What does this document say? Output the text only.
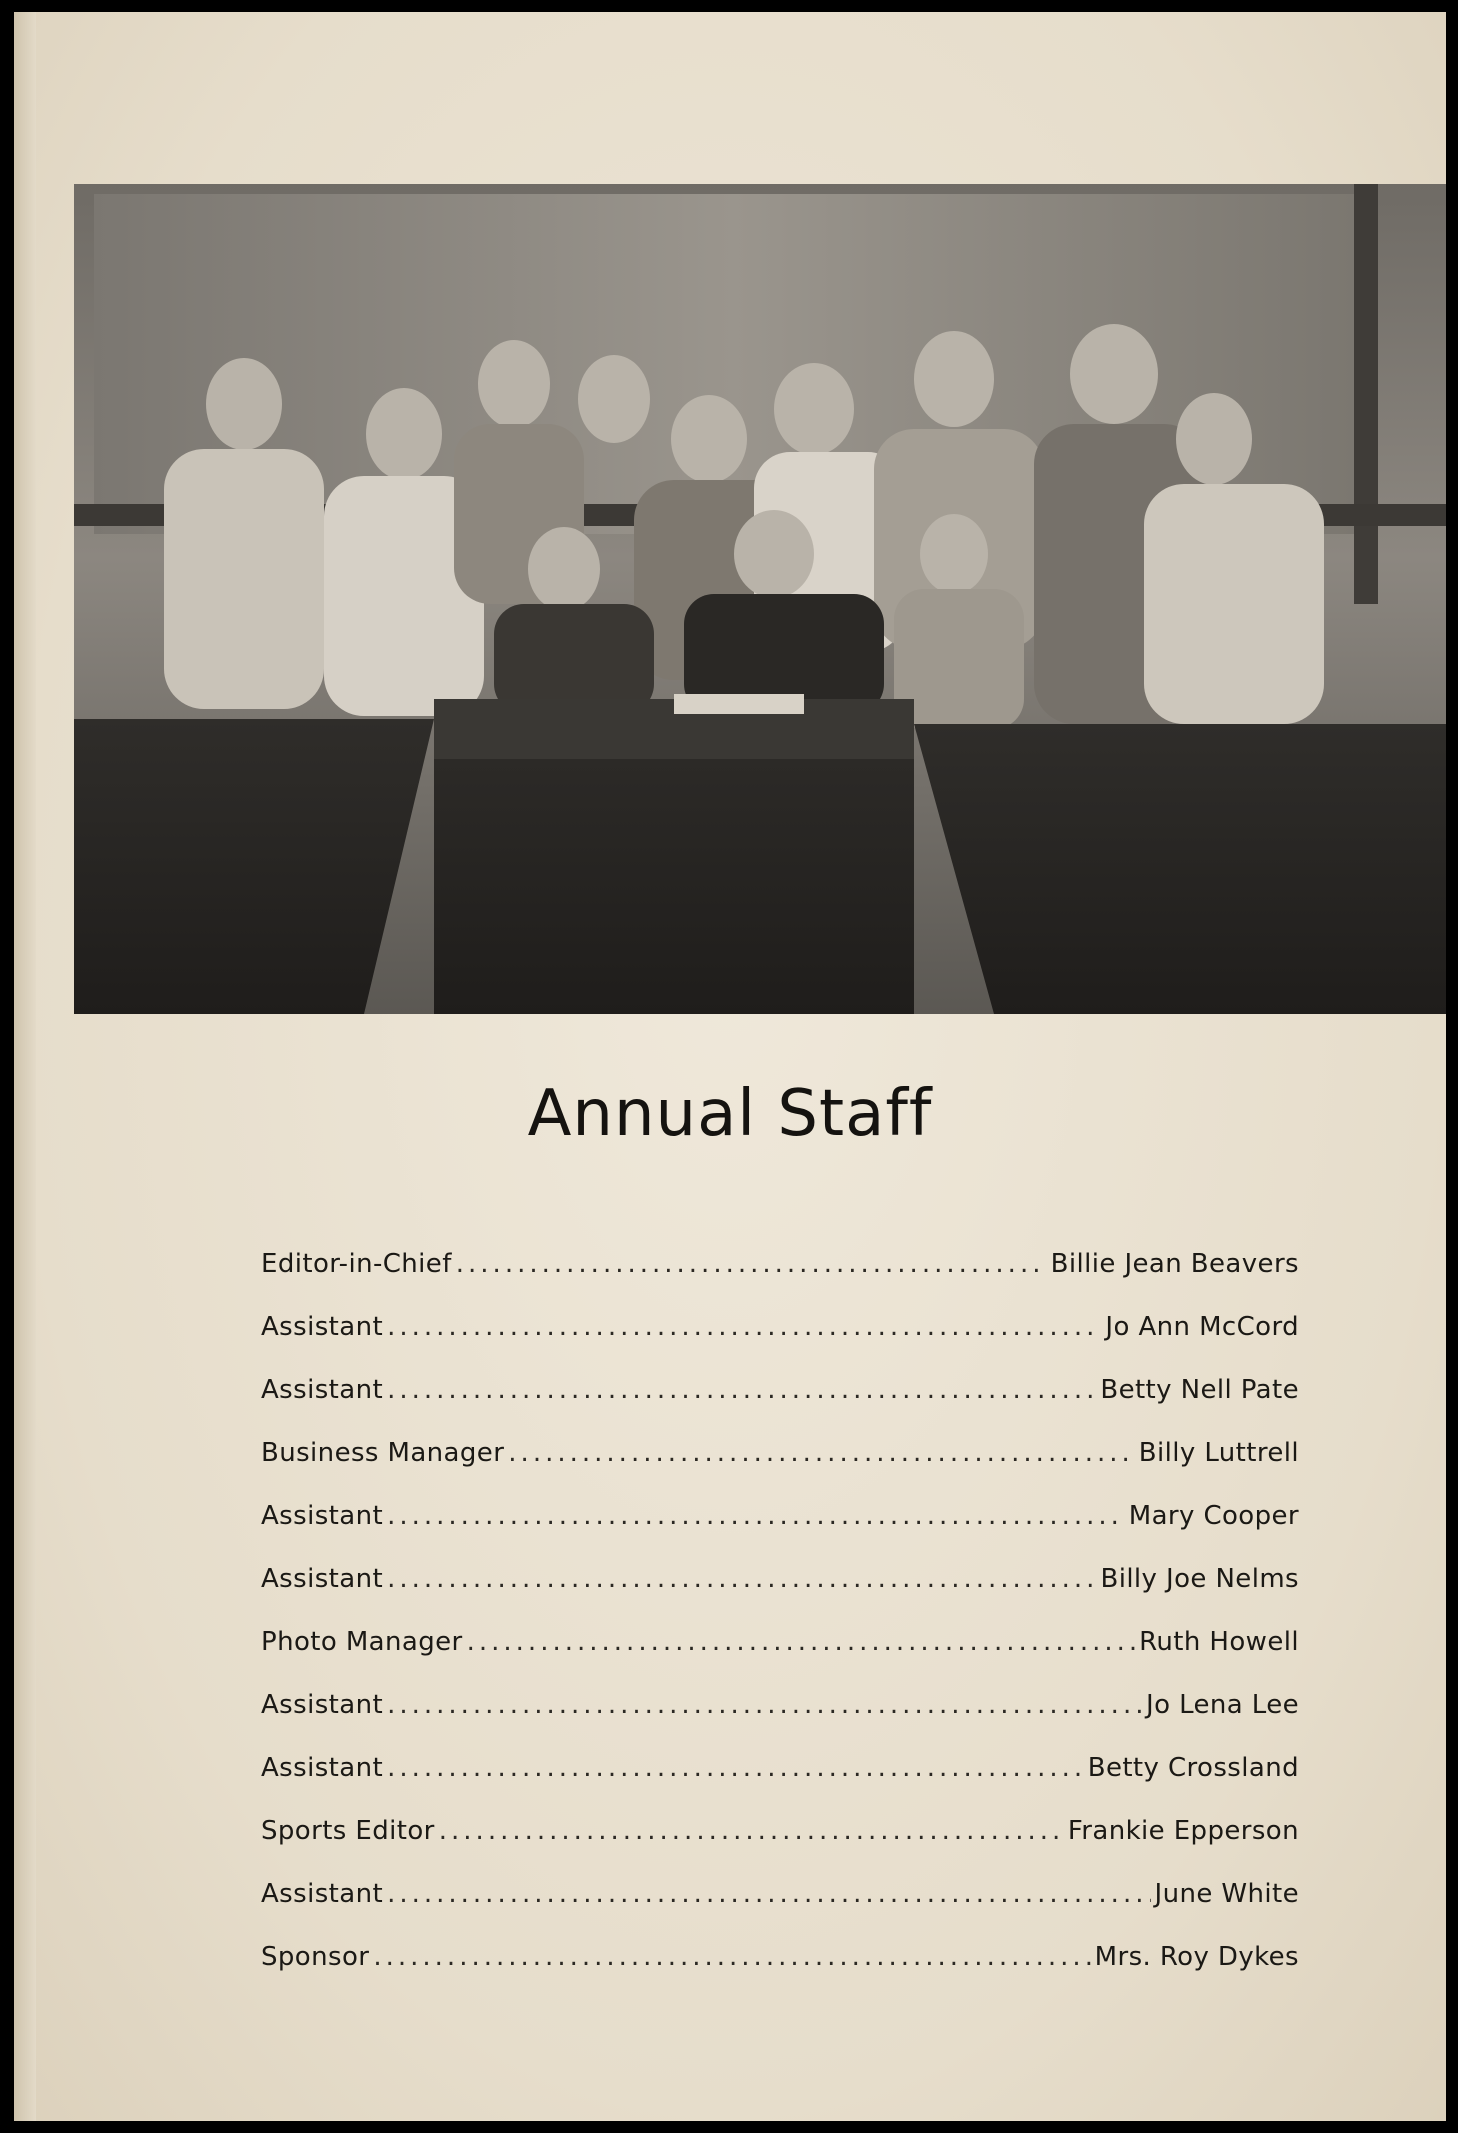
Annual Staff
Editor-in-Chief .....	Billie Jean Beavers
Assistant .....	Jo Ann McCord
Assistant .....	Betty Nell Pate
Business Manager .....	Billy Luttrell
Assistant .....	Mary Cooper
Assistant .....	Billy Joe Nelms
Photo Manager .....	Ruth Howell
Assistant .....	Jo Lena Lee
Assistant .....	Betty Crossland
Sports Editor .....	Frankie Epperson
Assistant .....	June White
Sponsor .....	Mrs. Roy Dykes
